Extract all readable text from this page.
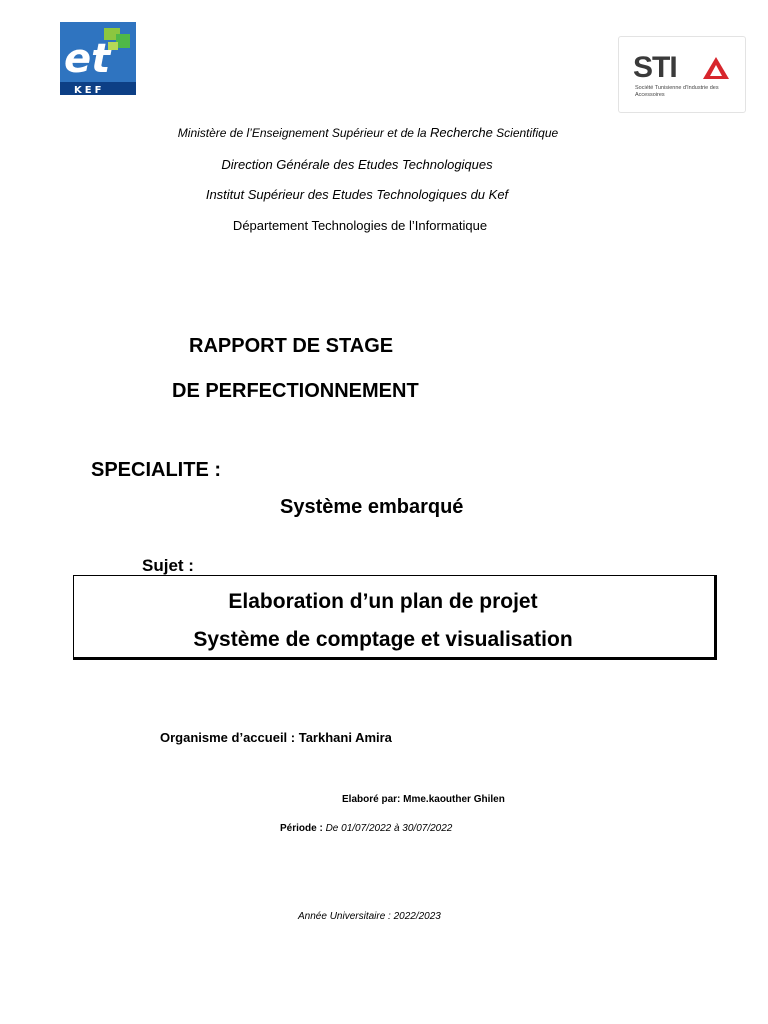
et
KEF
STI
Société Tunisienne d'Industrie des Accessoires
Ministère de l’Enseignement Supérieur et de la Recherche Scientifique
Direction Générale des Etudes Technologiques
Institut Supérieur des Etudes Technologiques du Kef
Département Technologies de l’Informatique
RAPPORT DE STAGE
DE PERFECTIONNEMENT
SPECIALITE :
Système embarqué
Sujet :
Elaboration d’un plan de projet
Système de comptage et visualisation
Organisme d’accueil : Tarkhani Amira
Elaboré par: Mme.kaouther Ghilen
Période : De 01/07/2022 à 30/07/2022
Année Universitaire : 2022/2023
